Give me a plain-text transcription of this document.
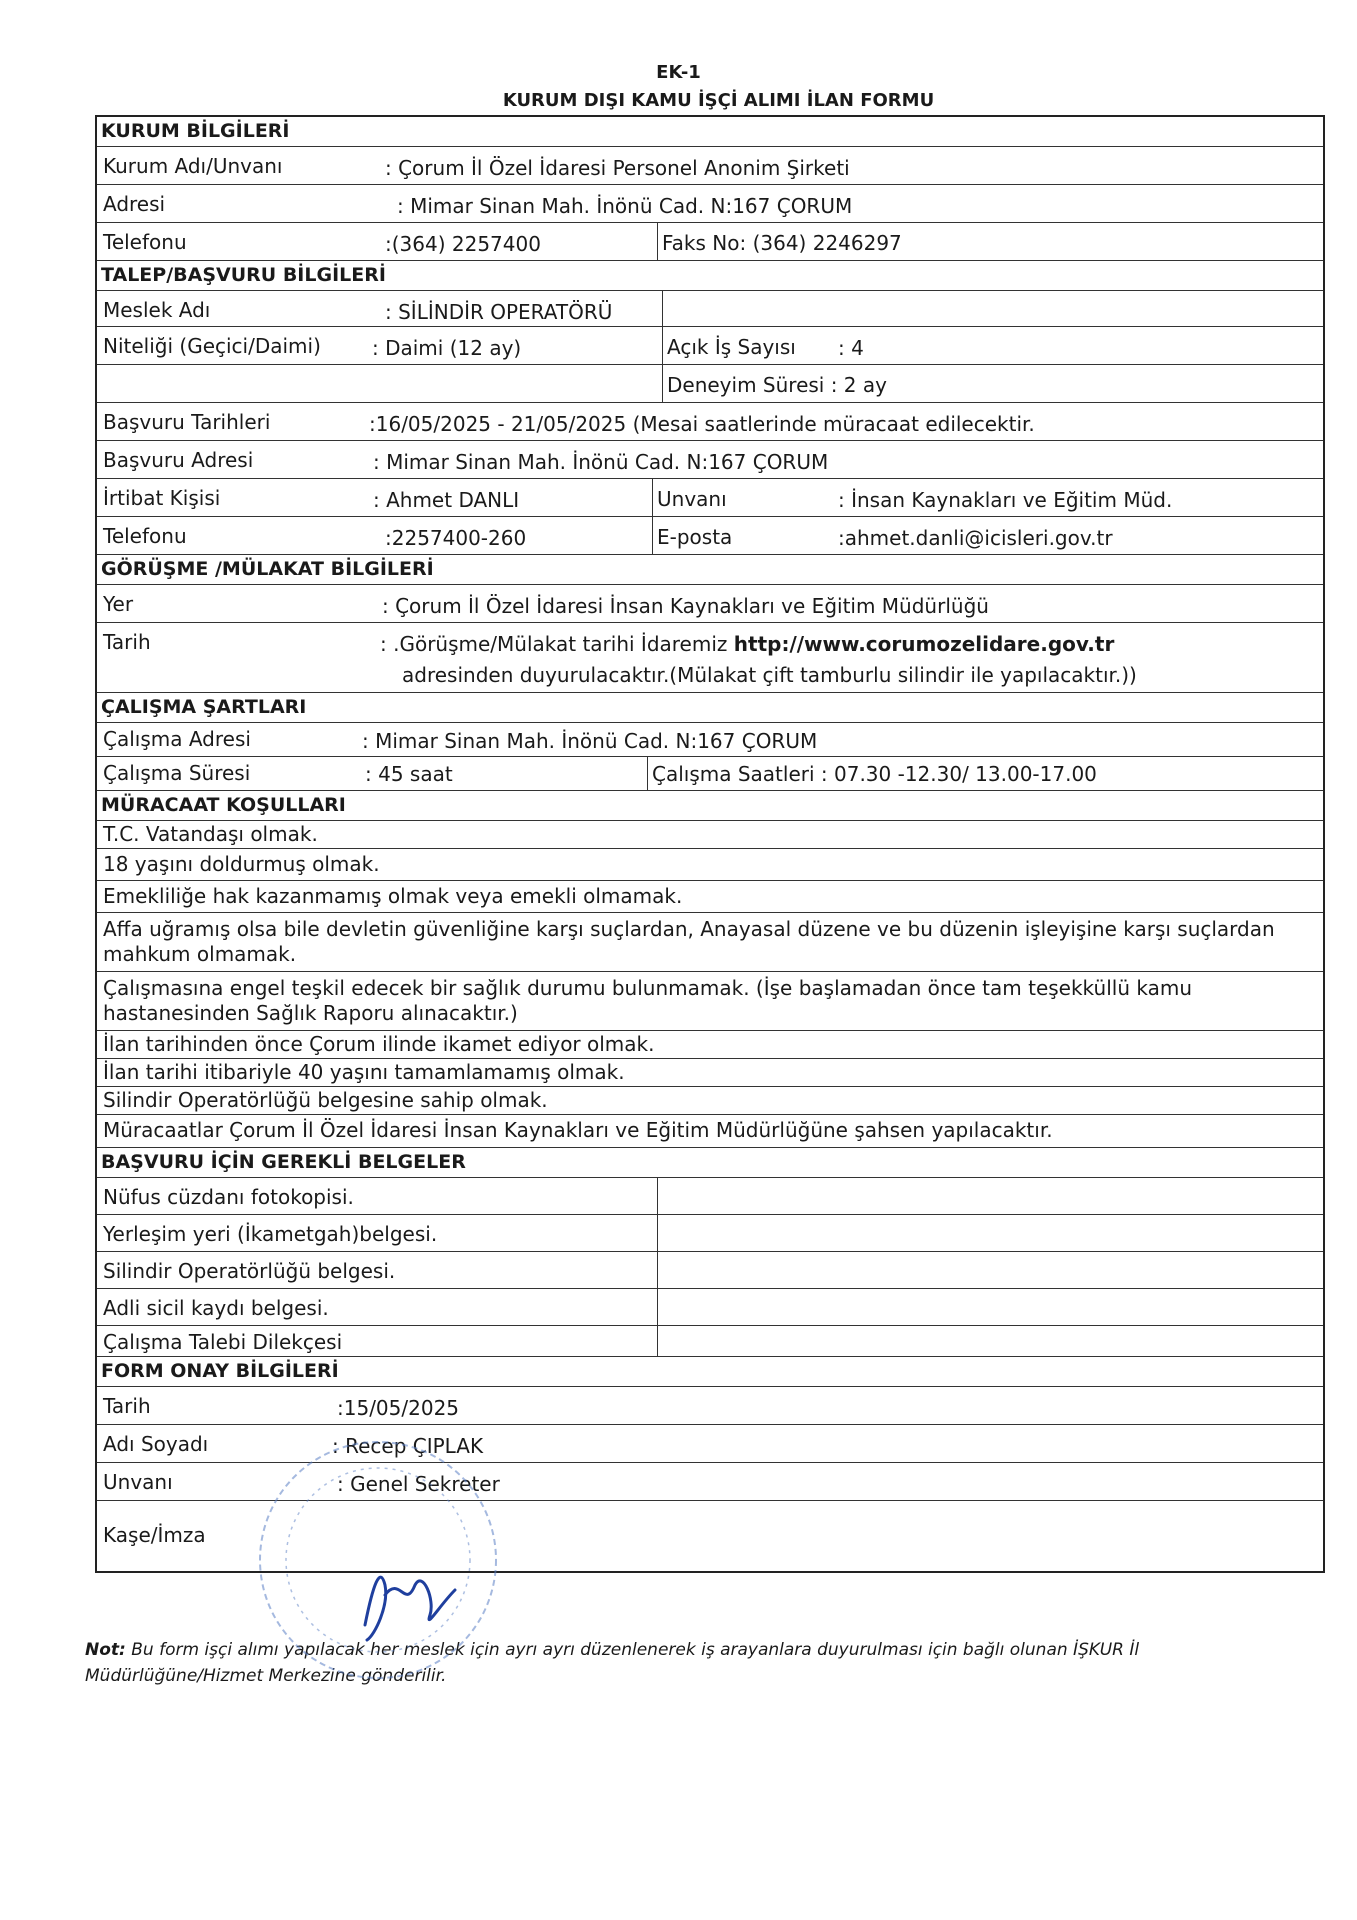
EK-1
KURUM DIŞI KAMU İŞÇİ ALIMI İLAN FORMU
KURUM BİLGİLERİ
Kurum Adı/Unvanı	: Çorum İl Özel İdaresi Personel Anonim Şirketi
Adresi	: Mimar Sinan Mah. İnönü Cad. N:167 ÇORUM
Telefonu	:(364) 2257400	Faks No: (364) 2246297
TALEP/BAŞVURU BİLGİLERİ
Meslek Adı	: SİLİNDİR OPERATÖRÜ
Niteliği (Geçici/Daimi)	: Daimi (12 ay)	Açık İş Sayısı : 4
Deneyim Süresi : 2 ay
Başvuru Tarihleri	:16/05/2025 - 21/05/2025 (Mesai saatlerinde müracaat edilecektir.
Başvuru Adresi	: Mimar Sinan Mah. İnönü Cad. N:167 ÇORUM
İrtibat Kişisi	: Ahmet DANLI	Unvanı	: İnsan Kaynakları ve Eğitim Müd.
Telefonu	:2257400-260	E-posta	:ahmet.danli@icisleri.gov.tr
GÖRÜŞME /MÜLAKAT BİLGİLERİ
Yer	: Çorum İl Özel İdaresi İnsan Kaynakları ve Eğitim Müdürlüğü
Tarih	: .Görüşme/Mülakat tarihi İdaremiz http://www.corumozelidare.gov.tr
adresinden duyurulacaktır.(Mülakat çift tamburlu silindir ile yapılacaktır.))
ÇALIŞMA ŞARTLARI
Çalışma Adresi	: Mimar Sinan Mah. İnönü Cad. N:167 ÇORUM
Çalışma Süresi	: 45 saat	Çalışma Saatleri : 07.30 -12.30/ 13.00-17.00
MÜRACAAT KOŞULLARI
T.C. Vatandaşı olmak.
18 yaşını doldurmuş olmak.
Emekliliğe hak kazanmamış olmak veya emekli olmamak.
Affa uğramış olsa bile devletin güvenliğine karşı suçlardan, Anayasal düzene ve bu düzenin işleyişine karşı suçlardan mahkum olmamak.
Çalışmasına engel teşkil edecek bir sağlık durumu bulunmamak. (İşe başlamadan önce tam teşekküllü kamu hastanesinden Sağlık Raporu alınacaktır.)
İlan tarihinden önce Çorum ilinde ikamet ediyor olmak.
İlan tarihi itibariyle 40 yaşını tamamlamamış olmak.
Silindir Operatörlüğü belgesine sahip olmak.
Müracaatlar Çorum İl Özel İdaresi İnsan Kaynakları ve Eğitim Müdürlüğüne şahsen yapılacaktır.
BAŞVURU İÇİN GEREKLİ BELGELER
Nüfus cüzdanı fotokopisi.
Yerleşim yeri (İkametgah)belgesi.
Silindir Operatörlüğü belgesi.
Adli sicil kaydı belgesi.
Çalışma Talebi Dilekçesi
FORM ONAY BİLGİLERİ
Tarih	:15/05/2025
Adı Soyadı	: Recep ÇIPLAK
Unvanı	: Genel Sekreter
Kaşe/İmza
Not: Bu form işçi alımı yapılacak her meslek için ayrı ayrı düzenlenerek iş arayanlara duyurulması için bağlı olunan İŞKUR İl Müdürlüğüne/Hizmet Merkezine gönderilir.
